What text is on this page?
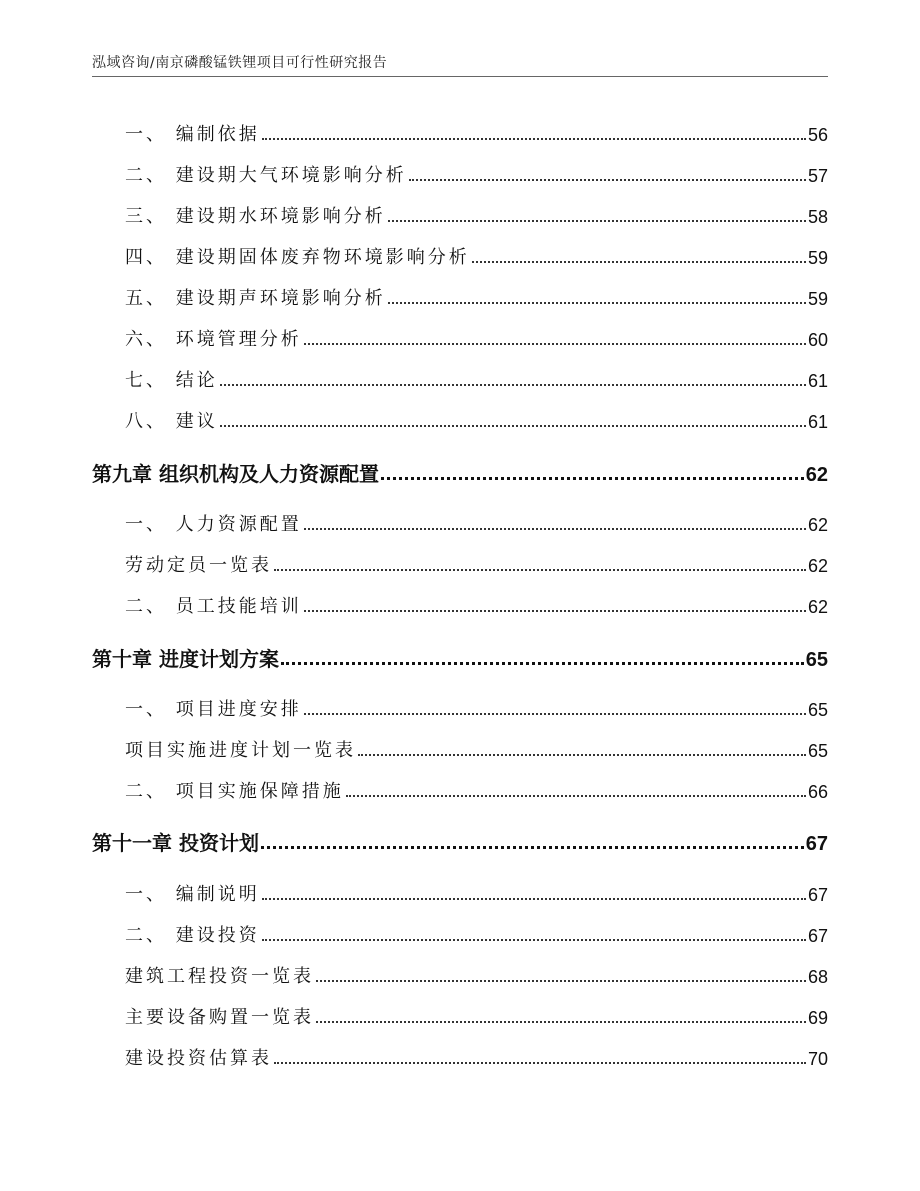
泓域咨询/南京磷酸锰铁锂项目可行性研究报告
一、 编制依据	56
二、 建设期大气环境影响分析	57
三、 建设期水环境影响分析	58
四、 建设期固体废弃物环境影响分析	59
五、 建设期声环境影响分析	59
六、 环境管理分析	60
七、 结论	61
八、 建议	61
第九章 组织机构及人力资源配置	62
一、 人力资源配置	62
劳动定员一览表	62
二、 员工技能培训	62
第十章 进度计划方案	65
一、 项目进度安排	65
项目实施进度计划一览表	65
二、 项目实施保障措施	66
第十一章 投资计划	67
一、 编制说明	67
二、 建设投资	67
建筑工程投资一览表	68
主要设备购置一览表	69
建设投资估算表	70
